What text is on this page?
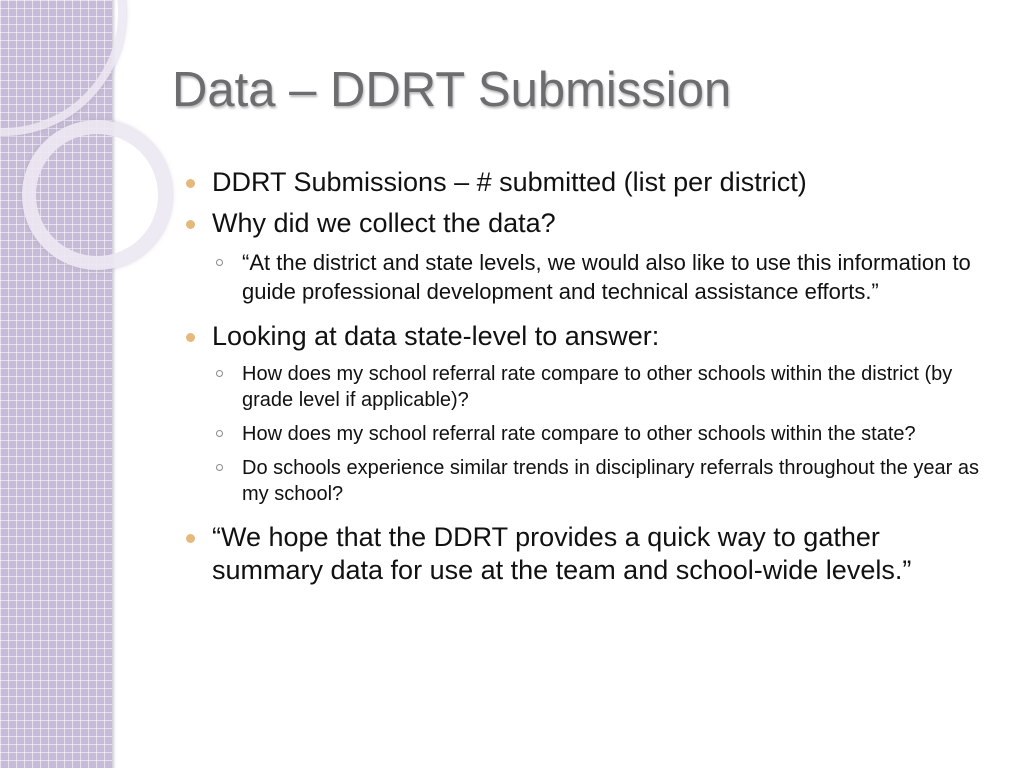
Data – DDRT Submission
DDRT Submissions – # submitted (list per district)
Why did we collect the data?
“At the district and state levels, we would also like to use this information to guide professional development and technical assistance efforts.”
Looking at data state-level to answer:
How does my school referral rate compare to other schools within the district (by grade level if applicable)?
How does my school referral rate compare to other schools within the state?
Do schools experience similar trends in disciplinary referrals throughout the year as my school?
“We hope that the DDRT provides a quick way to gather summary data for use at the team and school-wide levels.”
